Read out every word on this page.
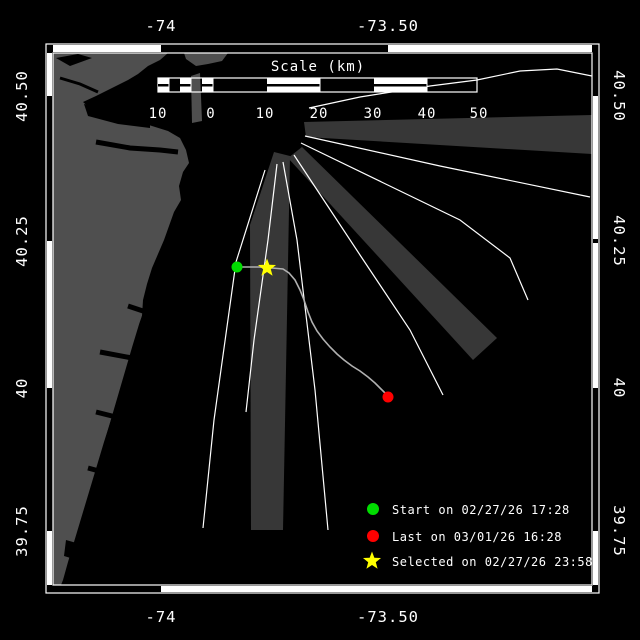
Scale (km)
10	0	10	20	30	40 50
-74	-73.50
-74	-73.50
40.50
40.25
40
39.75
40.50
40.25
40
39.75
Start on 02/27/26 17:28
Last on 03/01/26 16:28
Selected on 02/27/26 23:58
